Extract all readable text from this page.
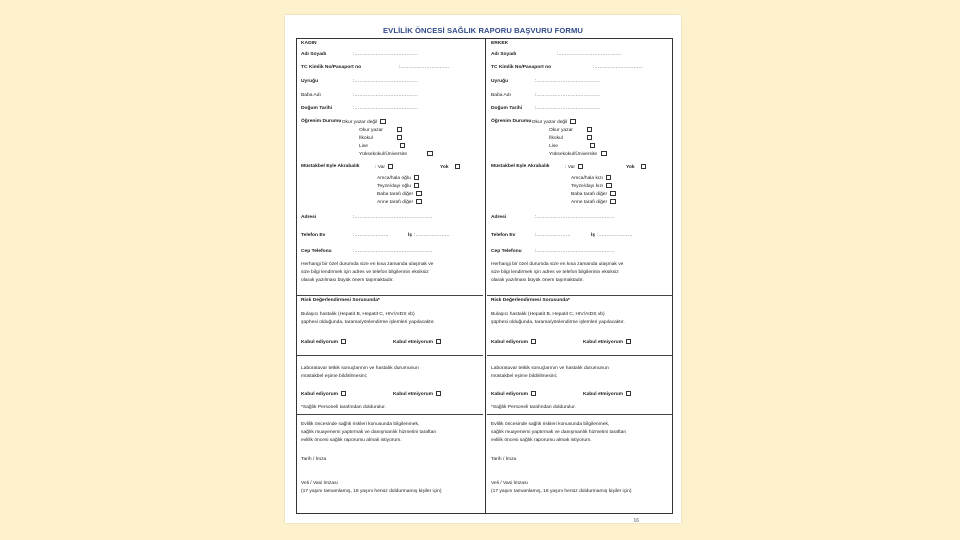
EVLİLİK ÖNCESİ SAĞLIK RAPORU BAŞVURU FORMU
KADIN
Adı Soyadı	:…………………………………
TC Kimlik No/Pasaport no	:…………………………
Uyruğu	:…………………………………
Baba Adı	:…………………………………
Doğum Tarihi	:…………………………………
Öğrenim Durumu
: Okur yazar değil
Okur yazar
İlkokul
Lise
Yüksekokul/Üniversite
Müstakbel Eşle Akrabalık	: Var	Yok
Amca/hala oğlu
Teyze/dayı oğlu
Baba tarafı diğer
Anne tarafı diğer
Adresi	:…………………………………………
Telefon Ev	:…………………	İş :…………………
Cep Telefonu	:…………………………………………
Herhangi bir özel durumda size en kısa zamanda ulaşmak ve
size bilgi lendirmek için adres ve telefon bilgilerinin eksiksiz
olarak yazılması büyük önem taşımaktadır.
Risk Değerlendirmesi Sorusunda*
Bulaşıcı hastalık (Hepatit B, Hepatit C, HIV/AIDS vb)
şüphesi olduğunda, tarama/yönlendirme işlemleri yapılacaktır.
Kabul ediyorum	Kabul etmiyorum
Laboratuvar tetkik sonuçlarının ve hastalık durumunun
müstakbel eşime bildirilmesini;
Kabul ediyorum	Kabul etmiyorum
*Sağlık Personeli tarafından doldurulur.
Evlilik öncesinde sağlık riskleri konusunda bilgilenmek,
sağlık muayenemi yaptırmak ve danışmanlık hizmetini taraftan
evlilik öncesi sağlık raporumu almak istiyorum.
Tarih / İmza
Veli / Vasi İmzası
(17 yaşını tamamlamış, 18 yaşını henüz doldurmamış kişiler için)
ERKEK
Adı Soyadı	:…………………………………
TC Kimlik No/Pasaport no	:…………………………
Uyruğu	:…………………………………
Baba Adı	:…………………………………
Doğum Tarihi	:…………………………………
Öğrenim Durumu
: Okur yazar değil
Okur yazar
İlkokul
Lise
Yüksekokul/Üniversite
Müstakbel Eşle Akrabalık	: Var	Yok
Amca/hala kızı
Teyze/dayı kızı
Baba tarafı diğer
Anne tarafı diğer
Adresi	:…………………………………………
Telefon Ev	:…………………	İş :…………………
Cep Telefonu	:…………………………………………
Herhangi bir özel durumda size en kısa zamanda ulaşmak ve
size bilgi lendirmek için adres ve telefon bilgilerinin eksiksiz
olarak yazılması büyük önem taşımaktadır.
Risk Değerlendirmesi Sorusunda*
Bulaşıcı hastalık (Hepatit B, Hepatit C, HIV/AIDS vb)
şüphesi olduğunda, tarama/yönlendirme işlemleri yapılacaktır.
Kabul ediyorum	Kabul etmiyorum
Laboratuvar tetkik sonuçlarının ve hastalık durumunun
müstakbel eşime bildirilmesini;
Kabul ediyorum	Kabul etmiyorum
*Sağlık Personeli tarafından doldurulur.
Evlilik öncesinde sağlık riskleri konusunda bilgilenmek,
sağlık muayenemi yaptırmak ve danışmanlık hizmetini taraftan
evlilik öncesi sağlık raporumu almak istiyorum.
Tarih / İmza
Veli / Vasi İmzası
(17 yaşını tamamlamış, 18 yaşını henüz doldurmamış kişiler için)
16
